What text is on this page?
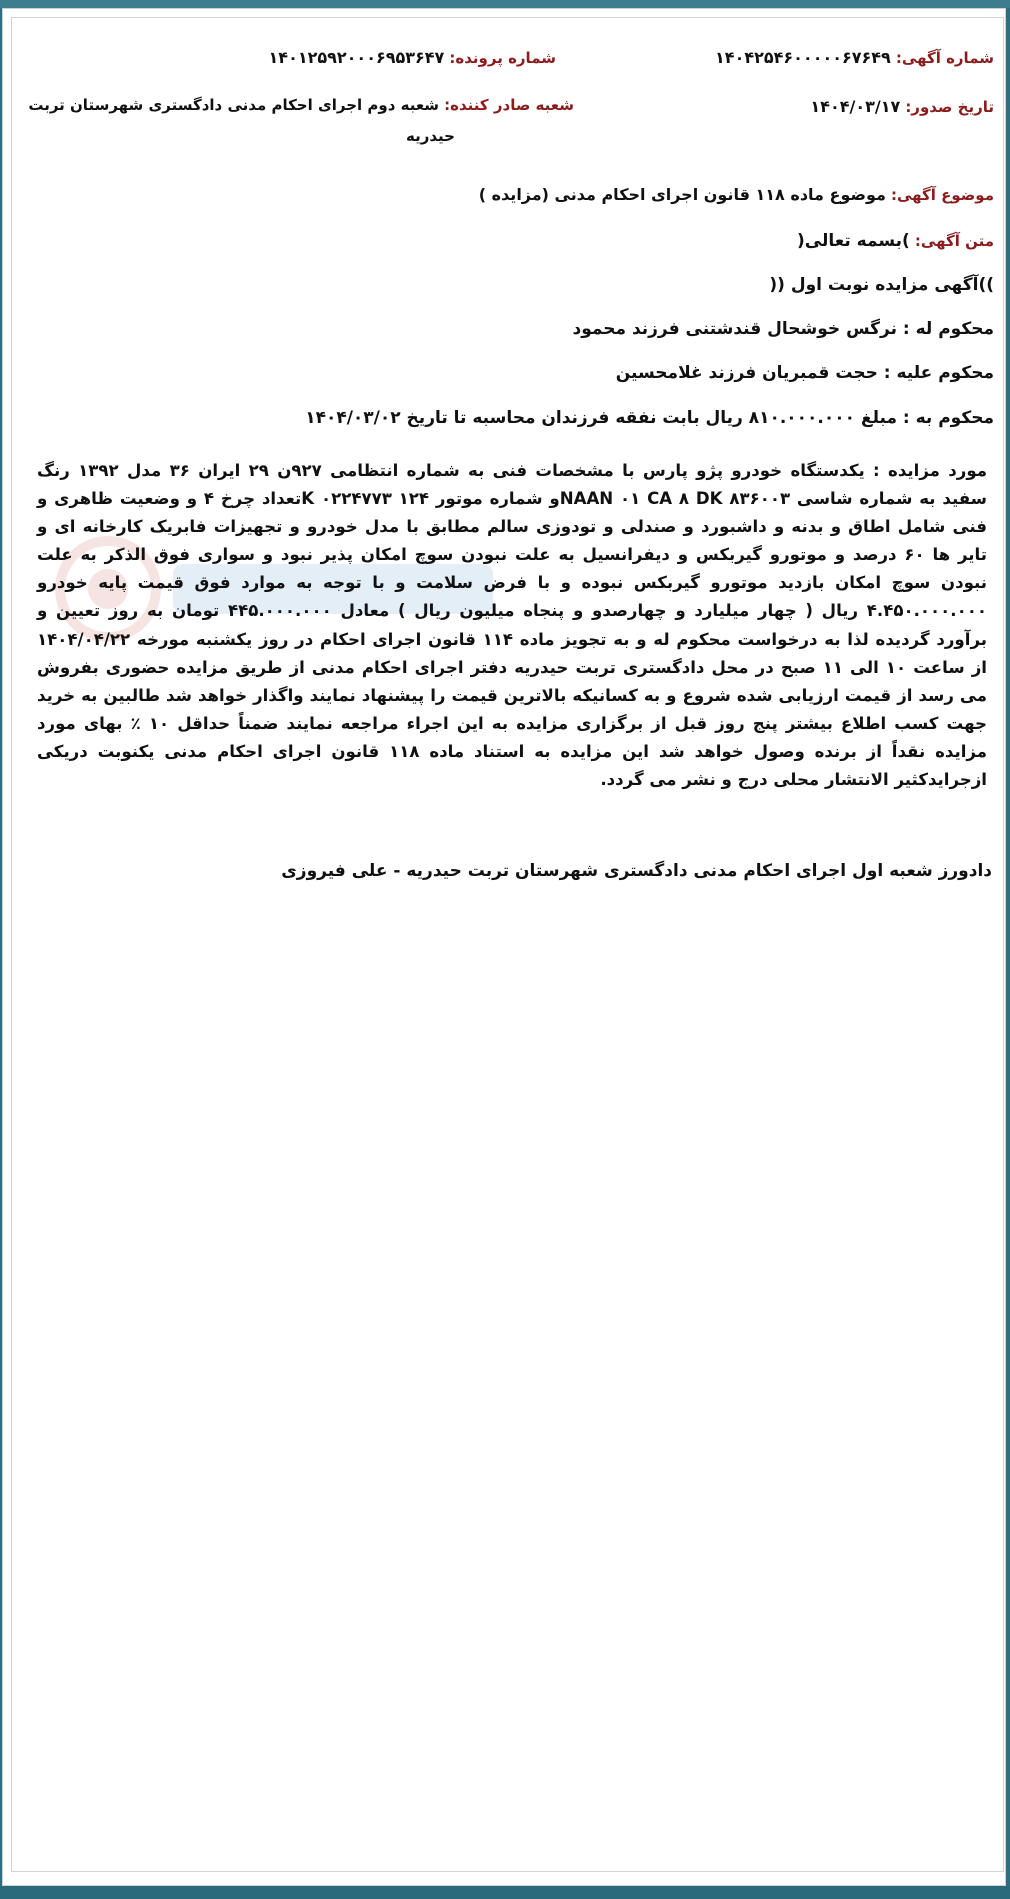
شماره آگهی: ۱۴۰۴۲۵۴۶۰۰۰۰۰۶۷۶۴۹
شماره پرونده: ۱۴۰۱۲۵۹۲۰۰۰۶۹۵۳۶۴۷
تاریخ صدور: ۱۴۰۴/۰۳/۱۷
شعبه صادر کننده: شعبه دوم اجرای احکام مدنی دادگستری شهرستان تربت
حیدریه
موضوع آگهی: موضوع ماده ۱۱۸ قانون اجرای احکام مدنی (مزایده )
متن آگهی: )بسمه تعالی(
))آگهی مزایده نوبت اول ((
محکوم له : نرگس خوشحال قندشتنی فرزند محمود
محکوم علیه : حجت قمبریان فرزند غلامحسین
محکوم به : مبلغ ۸۱۰.۰۰۰.۰۰۰ ریال بابت نفقه فرزندان محاسبه تا تاریخ ۱۴۰۴/۰۳/۰۲
مورد مزایده : یکدستگاه خودرو پژو پارس با مشخصات فنی به شماره انتظامی ۹۲۷ن ۲۹ ایران ۳۶ مدل ۱۳۹۲ رنگ سفید به شماره شاسی NAAN ۰۱ CA ۸ DK ۸۳۶۰۰۳و شماره موتور ۱۲۴ K ۰۲۲۴۷۷۳تعداد چرخ ۴ و وضعیت ظاهری و فنی شامل اطاق و بدنه و داشبورد و صندلی و تودوزی سالم مطابق با مدل خودرو و تجهیزات فابریک کارخانه ای و تایر ها ۶۰ درصد و موتورو گیربکس و دیفرانسیل به علت نبودن سوچ امکان پذیر نبود و سواری فوق الذکر به علت نبودن سوچ امکان بازدید موتورو گیربکس نبوده و با فرض سلامت و با توجه به موارد فوق قیمت پایه خودرو ۴.۴۵۰.۰۰۰.۰۰۰ ریال ( چهار میلیارد و چهارصدو و پنجاه میلیون ریال ) معادل ۴۴۵.۰۰۰.۰۰۰ تومان به روز تعیین و برآورد گردیده لذا به درخواست محکوم له و به تجویز ماده ۱۱۴ قانون اجرای احکام در روز یکشنبه مورخه ۱۴۰۴/۰۴/۲۲ از ساعت ۱۰ الی ۱۱ صبح در محل دادگستری تربت حیدریه دفتر اجرای احکام مدنی از طریق مزایده حضوری بفروش می رسد از قیمت ارزیابی شده شروع و به کسانیکه بالاترین قیمت را پیشنهاد نمایند واگذار خواهد شد طالبین به خرید جهت کسب اطلاع بیشتر پنج روز قبل از برگزاری مزایده به این اجراء مراجعه نمایند ضمناً حداقل ۱۰ ٪ بهای مورد مزایده نقداً از برنده وصول خواهد شد این مزایده به استناد ماده ۱۱۸ قانون اجرای احکام مدنی یکنوبت دریکی ازجرایدکثیر الانتشار محلی درج و نشر می گردد.
دادورز شعبه اول اجرای احکام مدنی دادگستری شهرستان تربت حیدریه - علی فیروزی
